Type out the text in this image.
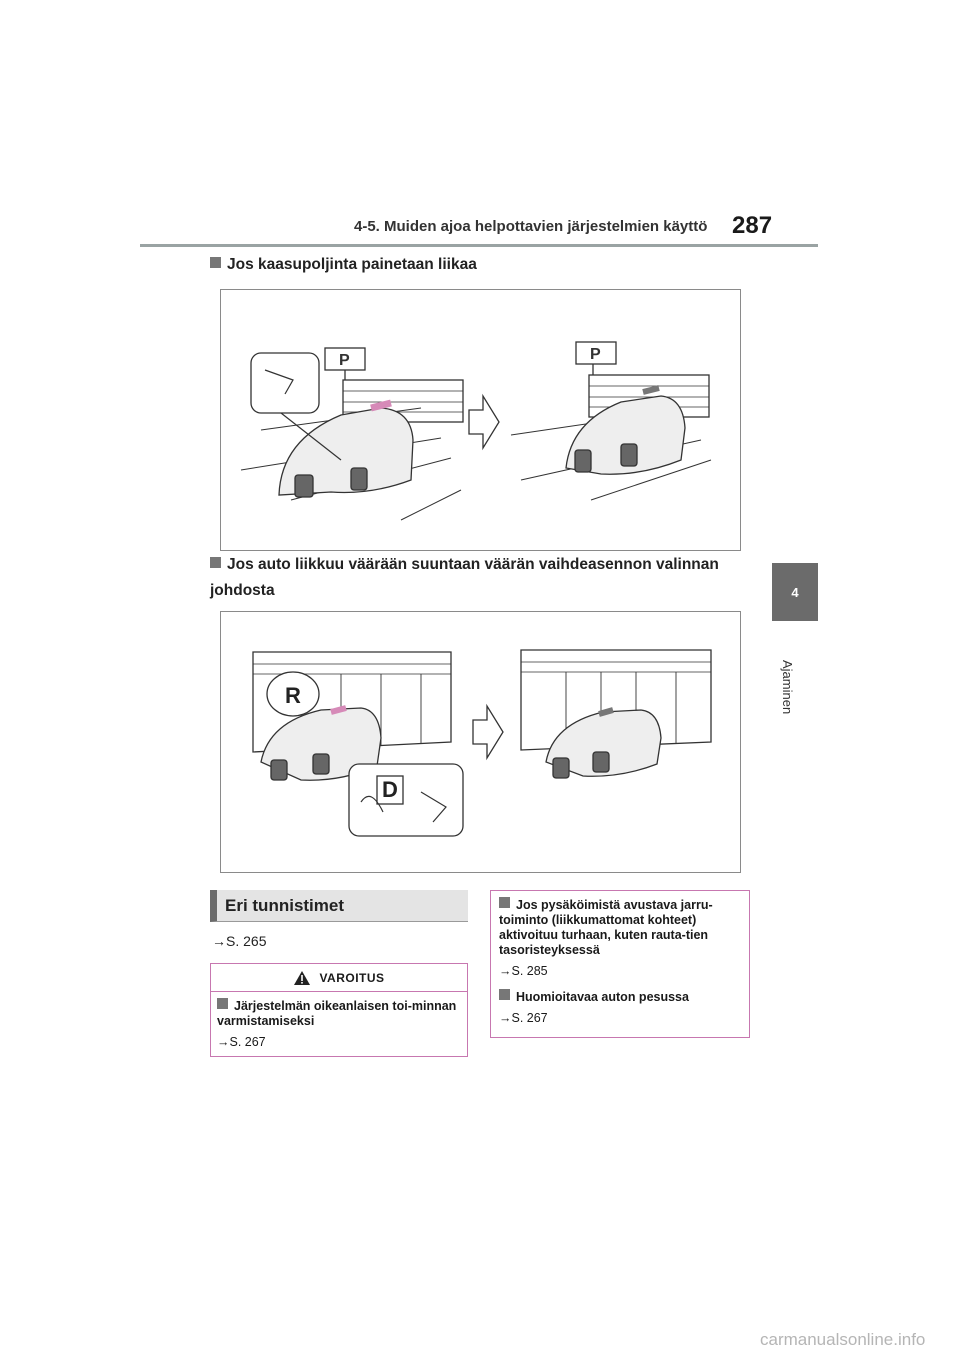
4-5. Muiden ajoa helpottavien järjestelmien käyttö 287
4
Ajaminen
Jos kaasupoljinta painetaan liikaa
P	P
Jos auto liikkuu väärään suuntaan väärän vaihdeasennon valinnan johdosta
R
D
Eri tunnistimet
→S. 265
VAROITUS
Järjestelmän oikeanlaisen toi-minnan varmistamiseksi
→S. 267
Jos pysäköimistä avustava jarru-toiminto (liikkumattomat kohteet) aktivoituu turhaan, kuten rauta-tien tasoristeyksessä
→S. 285
Huomioitavaa auton pesussa
→S. 267
carmanualsonline.info
